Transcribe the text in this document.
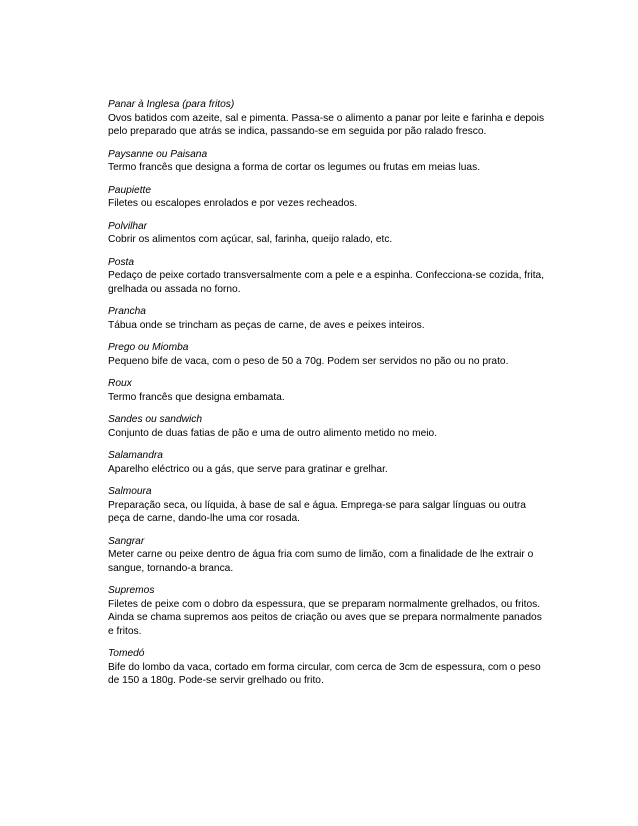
Panar à Inglesa (para fritos)
Ovos batidos com azeite, sal e pimenta. Passa-se o alimento a panar por leite e farinha e depois pelo preparado que atrás se indica, passando-se em seguida por pão ralado fresco.
Paysanne ou Paisana
Termo francês que designa a forma de cortar os legumes ou frutas em meias luas.
Paupiette
Filetes ou escalopes enrolados e por vezes recheados.
Polvilhar
Cobrir os alimentos com açúcar, sal, farinha, queijo ralado, etc.
Posta
Pedaço de peixe cortado transversalmente com a pele e a espinha. Confecciona-se cozida, frita, grelhada ou assada no forno.
Prancha
Tábua onde se trincham as peças de carne, de aves e peixes inteiros.
Prego ou Miomba
Pequeno bife de vaca, com o peso de 50 a 70g. Podem ser servidos no pão ou no prato.
Roux
Termo francês que designa embamata.
Sandes ou sandwich
Conjunto de duas fatias de pão e uma de outro alimento metido no meio.
Salamandra
Aparelho eléctrico ou a gás, que serve para gratinar e grelhar.
Salmoura
Preparação seca, ou líquida, à base de sal e água. Emprega-se para salgar línguas ou outra peça de carne, dando-lhe uma cor rosada.
Sangrar
Meter carne ou peixe dentro de água fria com sumo de limão, com a finalidade de lhe extrair o sangue, tornando-a branca.
Supremos
Filetes de peixe com o dobro da espessura, que se preparam normalmente grelhados, ou fritos. Ainda se chama supremos aos peitos de criação ou aves que se prepara normalmente panados e fritos.
Tomedó
Bife do lombo da vaca, cortado em forma circular, com cerca de 3cm de espessura, com o peso de 150 a 180g. Pode-se servir grelhado ou frito.
